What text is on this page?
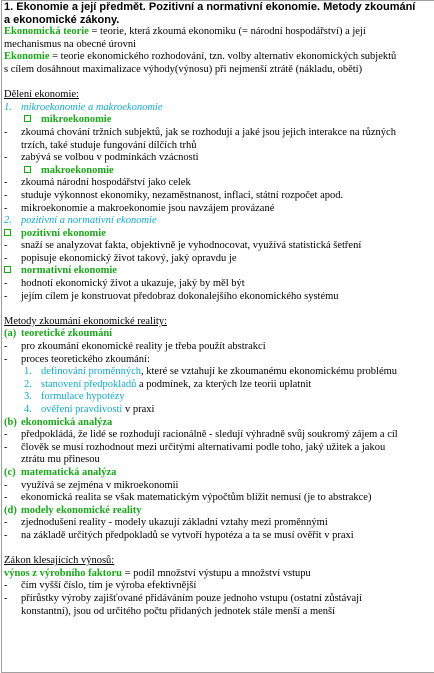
1. Ekonomie a její předmět. Pozitivní a normativní ekonomie. Metody zkoumání
a ekonomické zákony.
Ekonomická teorie = teorie, která zkoumá ekonomiku (= národní hospodářství) a její
mechanismus na obecné úrovni
Ekonomie = teorie ekonomického rozhodování, tzn. volby alternativ ekonomických subjektů
s cílem dosáhnout maximalizace výhody(výnosu) při nejmenší ztrátě (nákladu, obětí)
Dělení ekonomie:
1. mikroekonomie a makroekonomie
mikroekonomie
- zkoumá chování tržních subjektů, jak se rozhodují a jaké jsou jejich interakce na různých
trzích, také studuje fungování dílčích trhů
- zabývá se volbou v podmínkách vzácnosti
makroekonomie
- zkoumá národní hospodářství jako celek
- studuje výkonnost ekonomiky, nezaměstnanost, inflaci, státní rozpočet apod.
- mikroekonomie a makroekonomie jsou navzájem provázané
2. pozitivní a normativní ekonomie
pozitivní ekonomie
- snaží se analyzovat fakta, objektivně je vyhodnocovat, využívá statistická šetření
- popisuje ekonomický život takový, jaký opravdu je
normativní ekonomie
- hodnotí ekonomický život a ukazuje, jaký by měl být
- jejím cílem je konstruovat předobraz dokonalejšího ekonomického systému
Metody zkoumání ekonomické reality:
(a) teoretické zkoumání
- pro zkoumání ekonomické reality je třeba použít abstrakci
- proces teoretického zkoumání:
1. definování proměnných, které se vztahují ke zkoumanému ekonomickému problému
2. stanovení předpokladů a podmínek, za kterých lze teorii uplatnit
3. formulace hypotézy
4. ověření pravdivosti v praxi
(b) ekonomická analýza
- předpokládá, že lidé se rozhodují racionálně - sledují výhradně svůj soukromý zájem a cíl
- člověk se musí rozhodnout mezi určitými alternativami podle toho, jaký užitek a jakou
ztrátu mu přinesou
(c) matematická analýza
- využívá se zejména v mikroekonomii
- ekonomická realita se však matematickým výpočtům blížit nemusí (je to abstrakce)
(d) modely ekonomické reality
- zjednodušení reality - modely ukazují základní vztahy mezi proměnnými
- na základě určitých předpokladů se vytvoří hypotéza a ta se musí ověřit v praxi
Zákon klesajících výnosů:
výnos z výrobního faktoru = podíl množství výstupu a množství vstupu
- čím vyšší číslo, tím je výroba efektivnější
- přírůstky výroby zajišťované přidáváním pouze jednoho vstupu (ostatní zůstávají
konstantní), jsou od určitého počtu přidaných jednotek stále menší a menší
